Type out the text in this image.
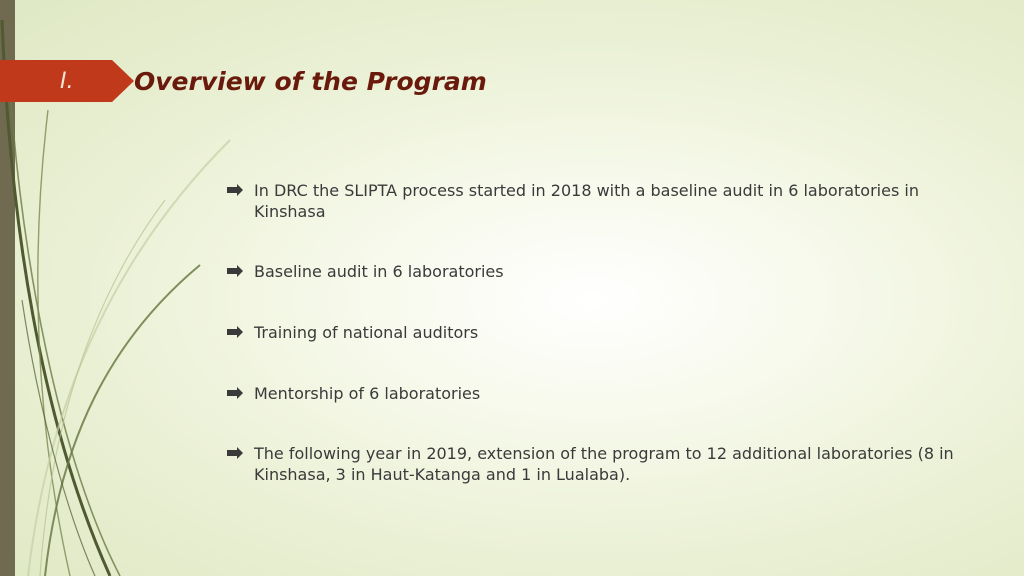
I.	Overview of the Program
In DRC the SLIPTA process started in 2018 with a baseline audit in 6 laboratories in Kinshasa
Baseline audit in 6 laboratories
Training of national auditors
Mentorship of 6 laboratories
The following year in 2019, extension of the program to 12 additional laboratories (8 in Kinshasa, 3 in Haut-Katanga and 1 in Lualaba).
